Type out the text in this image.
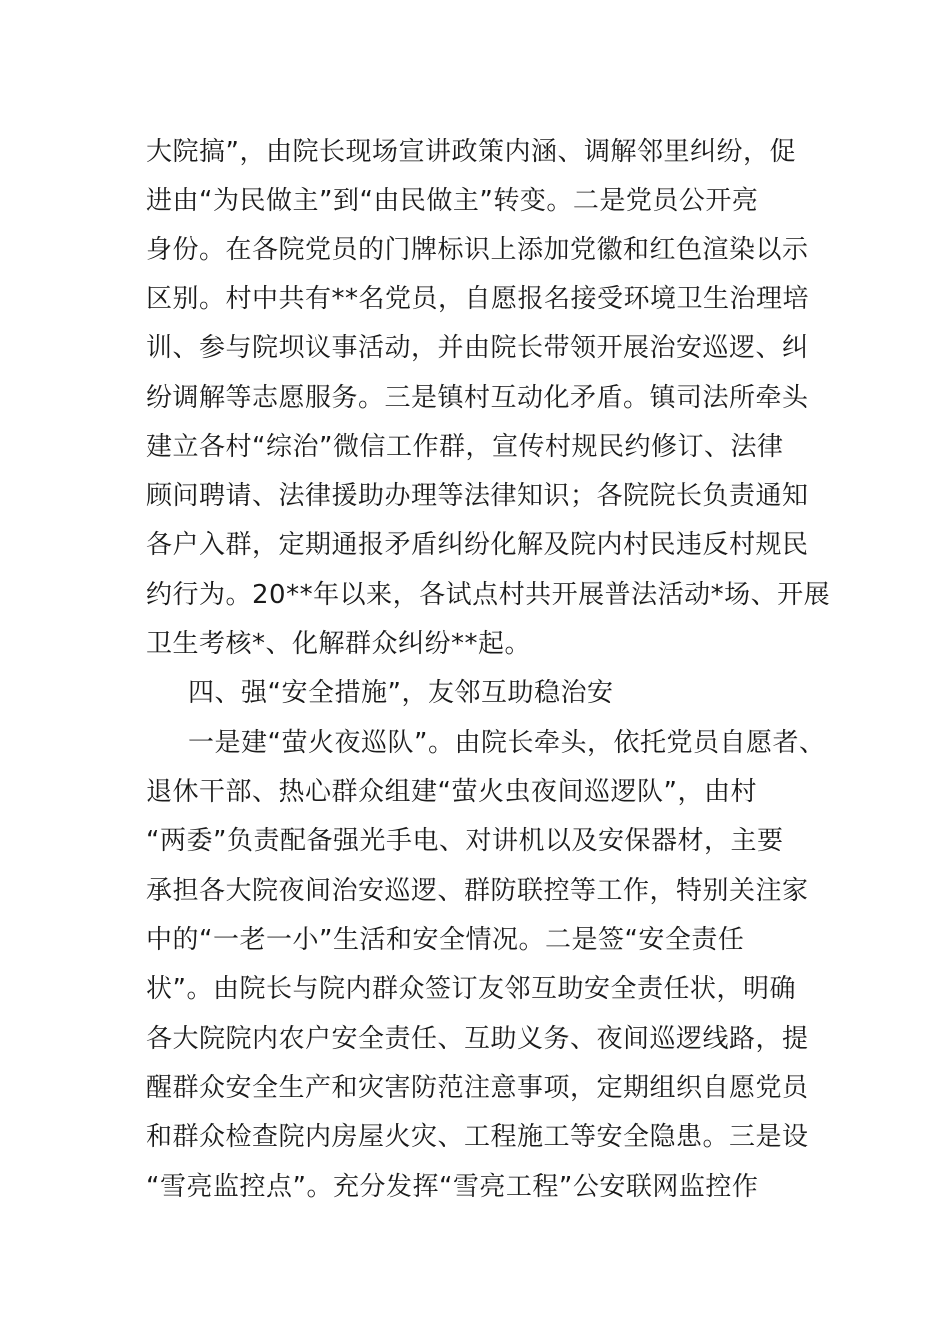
大院搞”，由院长现场宣讲政策内涵、调解邻里纠纷，促
进由“为民做主”到“由民做主”转变。二是党员公开亮
身份。在各院党员的门牌标识上添加党徽和红色渲染以示
区别。村中共有**名党员，自愿报名接受环境卫生治理培
训、参与院坝议事活动，并由院长带领开展治安巡逻、纠
纷调解等志愿服务。三是镇村互动化矛盾。镇司法所牵头
建立各村“综治”微信工作群，宣传村规民约修订、法律
顾问聘请、法律援助办理等法律知识；各院院长负责通知
各户入群，定期通报矛盾纠纷化解及院内村民违反村规民
约行为。20**年以来，各试点村共开展普法活动*场、开展
卫生考核*、化解群众纠纷**起。
四、强“安全措施”，友邻互助稳治安
一是建“萤火夜巡队”。由院长牵头，依托党员自愿者、
退休干部、热心群众组建“萤火虫夜间巡逻队”，由村
“两委”负责配备强光手电、对讲机以及安保器材，主要
承担各大院夜间治安巡逻、群防联控等工作，特别关注家
中的“一老一小”生活和安全情况。二是签“安全责任
状”。由院长与院内群众签订友邻互助安全责任状，明确
各大院院内农户安全责任、互助义务、夜间巡逻线路，提
醒群众安全生产和灾害防范注意事项，定期组织自愿党员
和群众检查院内房屋火灾、工程施工等安全隐患。三是设
“雪亮监控点”。充分发挥“雪亮工程”公安联网监控作
